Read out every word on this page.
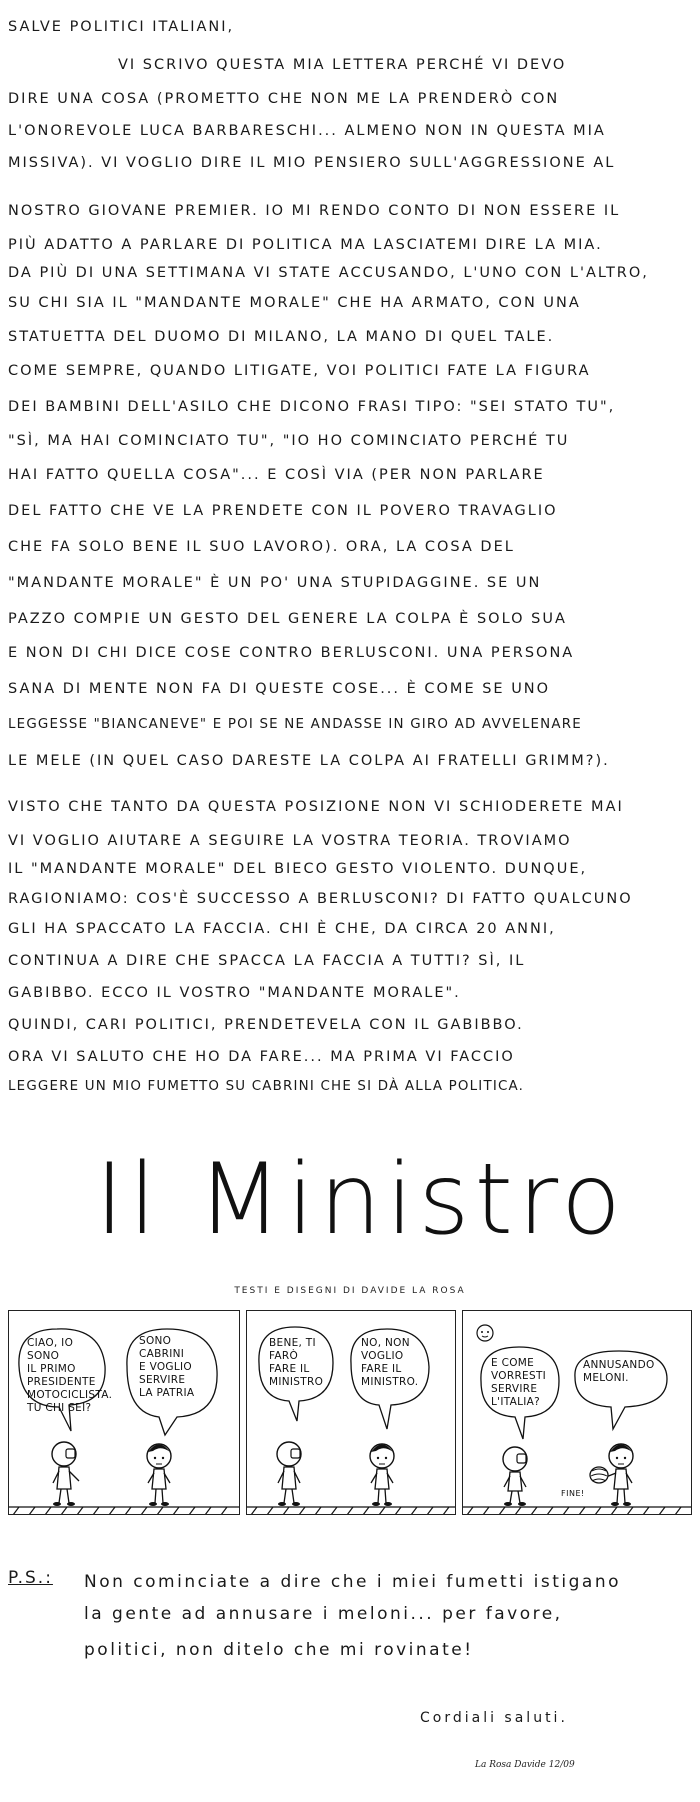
SALVE POLITICI ITALIANI,
VI SCRIVO QUESTA MIA LETTERA PERCHÉ VI DEVO
DIRE UNA COSA (PROMETTO CHE NON ME LA PRENDERÒ CON
L'ONOREVOLE LUCA BARBARESCHI... ALMENO NON IN QUESTA MIA
MISSIVA). VI VOGLIO DIRE IL MIO PENSIERO SULL'AGGRESSIONE AL
NOSTRO GIOVANE PREMIER. IO MI RENDO CONTO DI NON ESSERE IL
PIÙ ADATTO A PARLARE DI POLITICA MA LASCIATEMI DIRE LA MIA.
DA PIÙ DI UNA SETTIMANA VI STATE ACCUSANDO, L'UNO CON L'ALTRO,
SU CHI SIA IL "MANDANTE MORALE" CHE HA ARMATO, CON UNA
STATUETTA DEL DUOMO DI MILANO, LA MANO DI QUEL TALE.
COME SEMPRE, QUANDO LITIGATE, VOI POLITICI FATE LA FIGURA
DEI BAMBINI DELL'ASILO CHE DICONO FRASI TIPO: "SEI STATO TU",
"SÌ, MA HAI COMINCIATO TU", "IO HO COMINCIATO PERCHÉ TU
HAI FATTO QUELLA COSA"... E COSÌ VIA (PER NON PARLARE
DEL FATTO CHE VE LA PRENDETE CON IL POVERO TRAVAGLIO
CHE FA SOLO BENE IL SUO LAVORO). ORA, LA COSA DEL
"MANDANTE MORALE" È UN PO' UNA STUPIDAGGINE. SE UN
PAZZO COMPIE UN GESTO DEL GENERE LA COLPA È SOLO SUA
E NON DI CHI DICE COSE CONTRO BERLUSCONI. UNA PERSONA
SANA DI MENTE NON FA DI QUESTE COSE... È COME SE UNO
LEGGESSE "BIANCANEVE" E POI SE NE ANDASSE IN GIRO AD AVVELENARE
LE MELE (IN QUEL CASO DARESTE LA COLPA AI FRATELLI GRIMM?).
VISTO CHE TANTO DA QUESTA POSIZIONE NON VI SCHIODERETE MAI
VI VOGLIO AIUTARE A SEGUIRE LA VOSTRA TEORIA. TROVIAMO
IL "MANDANTE MORALE" DEL BIECO GESTO VIOLENTO. DUNQUE,
RAGIONIAMO: COS'È SUCCESSO A BERLUSCONI? DI FATTO QUALCUNO
GLI HA SPACCATO LA FACCIA. CHI È CHE, DA CIRCA 20 ANNI,
CONTINUA A DIRE CHE SPACCA LA FACCIA A TUTTI? SÌ, IL
GABIBBO. ECCO IL VOSTRO "MANDANTE MORALE".
QUINDI, CARI POLITICI, PRENDETEVELA CON IL GABIBBO.
ORA VI SALUTO CHE HO DA FARE... MA PRIMA VI FACCIO
LEGGERE UN MIO FUMETTO SU CABRINI CHE SI DÀ ALLA POLITICA.
Il Ministro
TESTI E DISEGNI DI DAVIDE LA ROSA
CIAO, IO SONO
IL PRIMO
PRESIDENTE
MOTOCICLISTA.
TU CHI SEI?
SONO
CABRINI
E VOGLIO
SERVIRE
LA PATRIA
BENE, TI
FARÒ
FARE IL
MINISTRO
NO, NON
VOGLIO
FARE IL
MINISTRO.
E COME
VORRESTI
SERVIRE
L'ITALIA?
ANNUSANDO
MELONI.
FINE!
P.S.: Non cominciate a dire che i miei fumetti istigano
la gente ad annusare i meloni... per favore,
politici, non ditelo che mi rovinate!
Cordiali saluti.
La Rosa Davide 12/09
